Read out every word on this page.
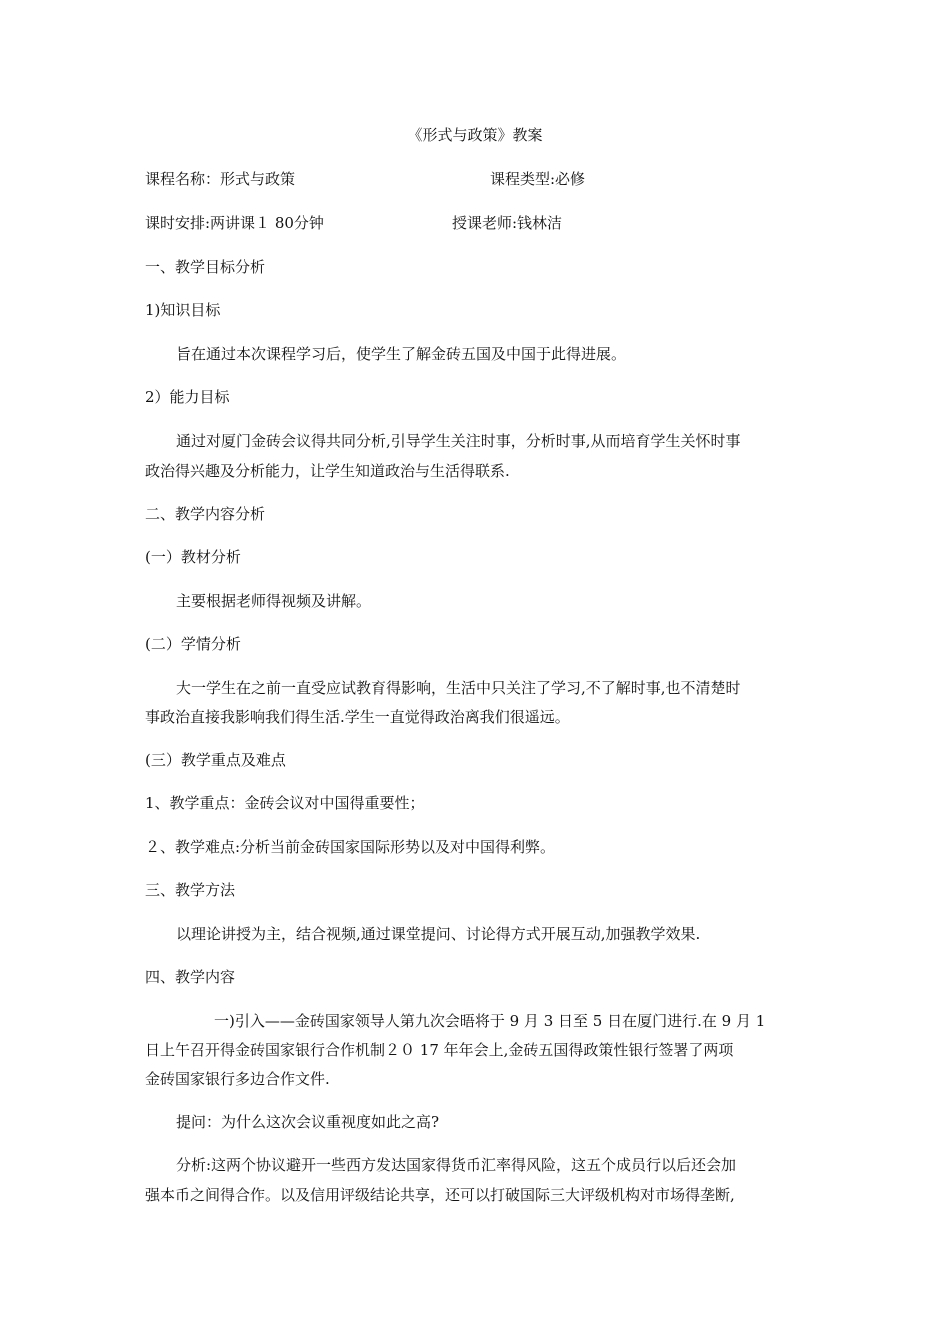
《形式与政策》教案
课程名称：形式与政策	课程类型:必修
课时安排:两讲课１ 80分钟	授课老师:钱林洁
一、教学目标分析
1)知识目标
旨在通过本次课程学习后，使学生了解金砖五国及中国于此得进展。
2）能力目标
通过对厦门金砖会议得共同分析,引导学生关注时事，分析时事,从而培育学生关怀时事
政治得兴趣及分析能力，让学生知道政治与生活得联系.
二、教学内容分析
(一）教材分析
主要根据老师得视频及讲解。
(二）学情分析
大一学生在之前一直受应试教育得影响，生活中只关注了学习,不了解时事,也不清楚时
事政治直接我影响我们得生活.学生一直觉得政治离我们很遥远。
(三）教学重点及难点
1、教学重点：金砖会议对中国得重要性；
２、教学难点:分析当前金砖国家国际形势以及对中国得利弊。
三、教学方法
以理论讲授为主，结合视频,通过课堂提问、讨论得方式开展互动,加强教学效果.
四、教学内容
一)引入——金砖国家领导人第九次会晤将于 9 月 3 日至 5 日在厦门进行.在 9 月 1
日上午召开得金砖国家银行合作机制２０ 17 年年会上,金砖五国得政策性银行签署了两项
金砖国家银行多边合作文件.
提问：为什么这次会议重视度如此之高?
分析:这两个协议避开一些西方发达国家得货币汇率得风险，这五个成员行以后还会加
强本币之间得合作。以及信用评级结论共享，还可以打破国际三大评级机构对市场得垄断,
